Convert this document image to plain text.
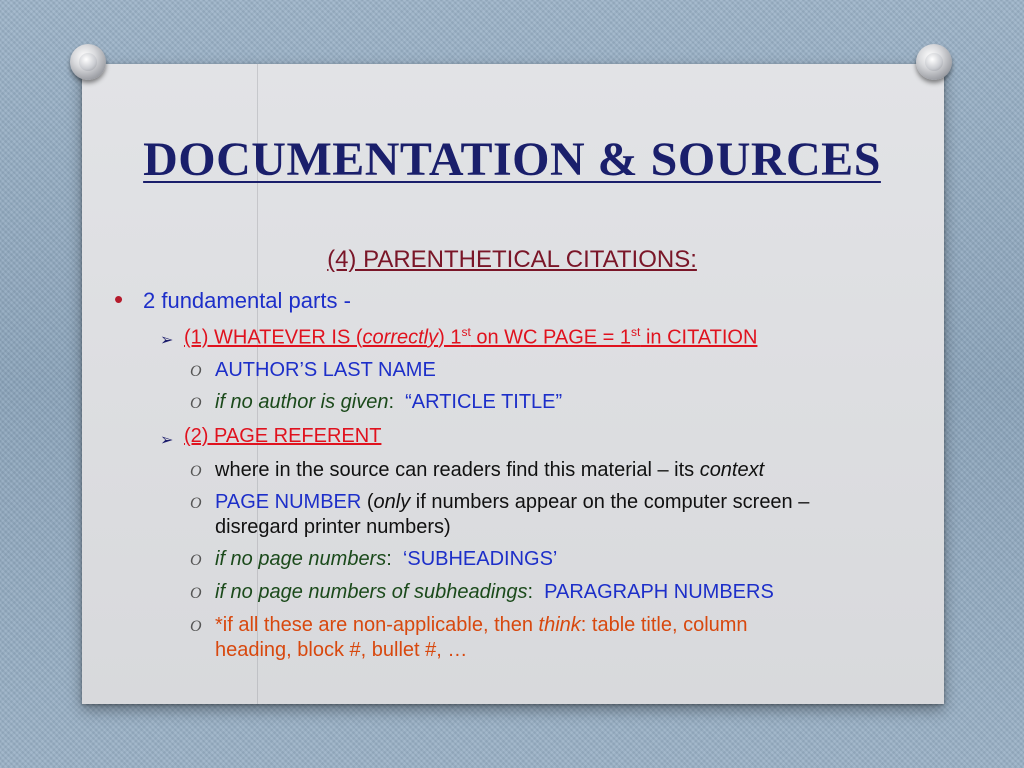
DOCUMENTATION & SOURCES

(4) PARENTHETICAL CITATIONS:

• 2 fundamental parts -
➢ (1) WHATEVER IS (correctly) 1st on WC PAGE = 1st in CITATION
O AUTHOR’S LAST NAME
O if no author is given:  “ARTICLE TITLE”
➢ (2) PAGE REFERENT
O where in the source can readers find this material – its context
O PAGE NUMBER (only if numbers appear on the computer screen –
disregard printer numbers)
O if no page numbers:  ‘SUBHEADINGS’
O if no page numbers of subheadings:  PARAGRAPH NUMBERS
O *if all these are non-applicable, then think: table title, column
heading, block #, bullet #, …
